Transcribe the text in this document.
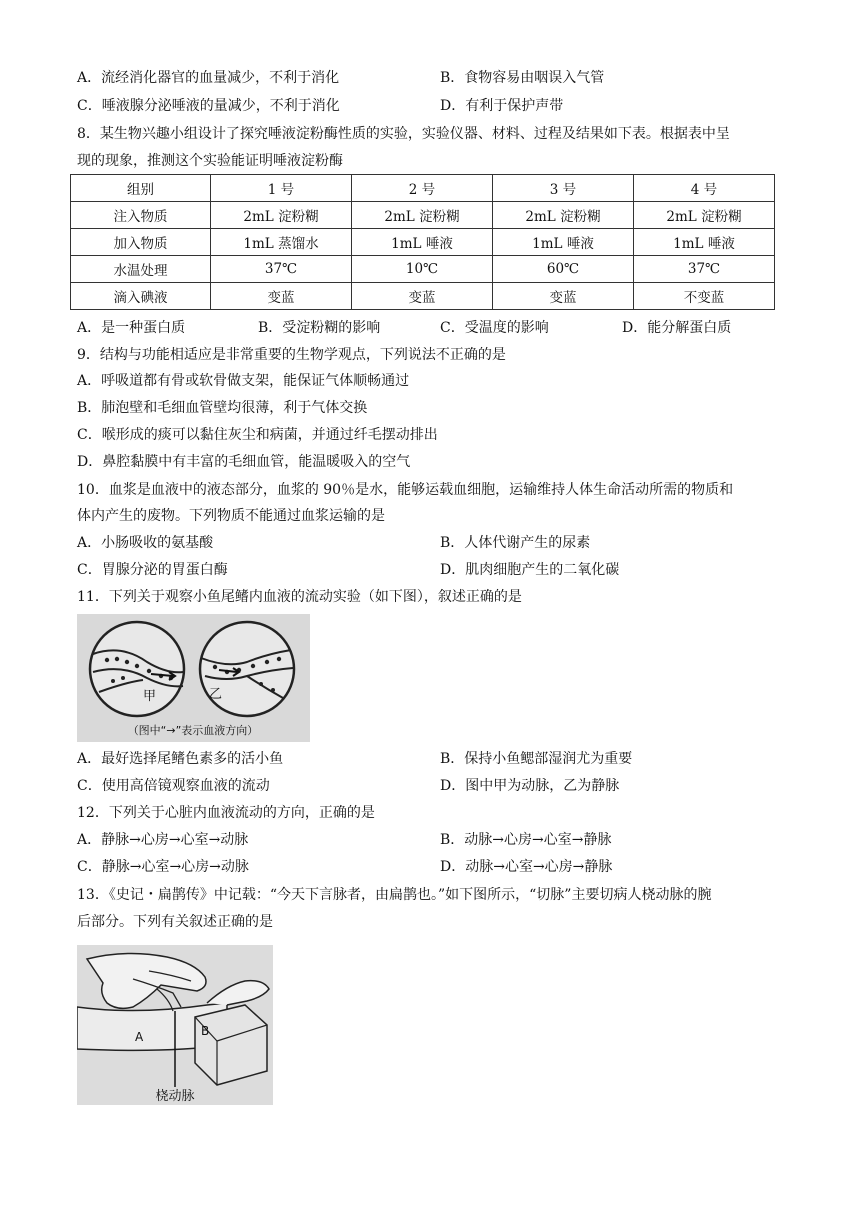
A．流经消化器官的血量减少，不利于消化	B．食物容易由咽误入气管
C．唾液腺分泌唾液的量减少，不利于消化	D．有利于保护声带
8．某生物兴趣小组设计了探究唾液淀粉酶性质的实验，实验仪器、材料、过程及结果如下表。根据表中呈
现的现象，推测这个实验能证明唾液淀粉酶
组别	1 号	2 号	3 号	4 号
注入物质	2mL 淀粉糊	2mL 淀粉糊	2mL 淀粉糊	2mL 淀粉糊
加入物质	1mL 蒸馏水	1mL 唾液	1mL 唾液	1mL 唾液
水温处理	37℃	10℃	60℃	37℃
滴入碘液	变蓝	变蓝	变蓝	不变蓝
A．是一种蛋白质	B．受淀粉糊的影响	C．受温度的影响	D．能分解蛋白质
9．结构与功能相适应是非常重要的生物学观点，下列说法不正确的是
A．呼吸道都有骨或软骨做支架，能保证气体顺畅通过
B．肺泡壁和毛细血管壁均很薄，利于气体交换
C．喉形成的痰可以黏住灰尘和病菌，并通过纤毛摆动排出
D．鼻腔黏膜中有丰富的毛细血管，能温暖吸入的空气
10．血浆是血液中的液态部分，血浆的 90％是水，能够运载血细胞，运输维持人体生命活动所需的物质和
体内产生的废物。下列物质不能通过血浆运输的是
A．小肠吸收的氨基酸	B．人体代谢产生的尿素
C．胃腺分泌的胃蛋白酶	D．肌肉细胞产生的二氧化碳
11．下列关于观察小鱼尾鳍内血液的流动实验（如下图），叙述正确的是
甲	乙
（图中“→”表示血液方向）
A．最好选择尾鳍色素多的活小鱼	B．保持小鱼鳃部湿润尤为重要
C．使用高倍镜观察血液的流动	D．图中甲为动脉，乙为静脉
12．下列关于心脏内血液流动的方向，正确的是
A．静脉→心房→心室→动脉	B．动脉→心房→心室→静脉
C．静脉→心室→心房→动脉	D．动脉→心室→心房→静脉
13．《史记・扁鹊传》中记载：“今天下言脉者，由扁鹊也。”如下图所示，“切脉”主要切病人桡动脉的腕
后部分。下列有关叙述正确的是
B
A
桡动脉
